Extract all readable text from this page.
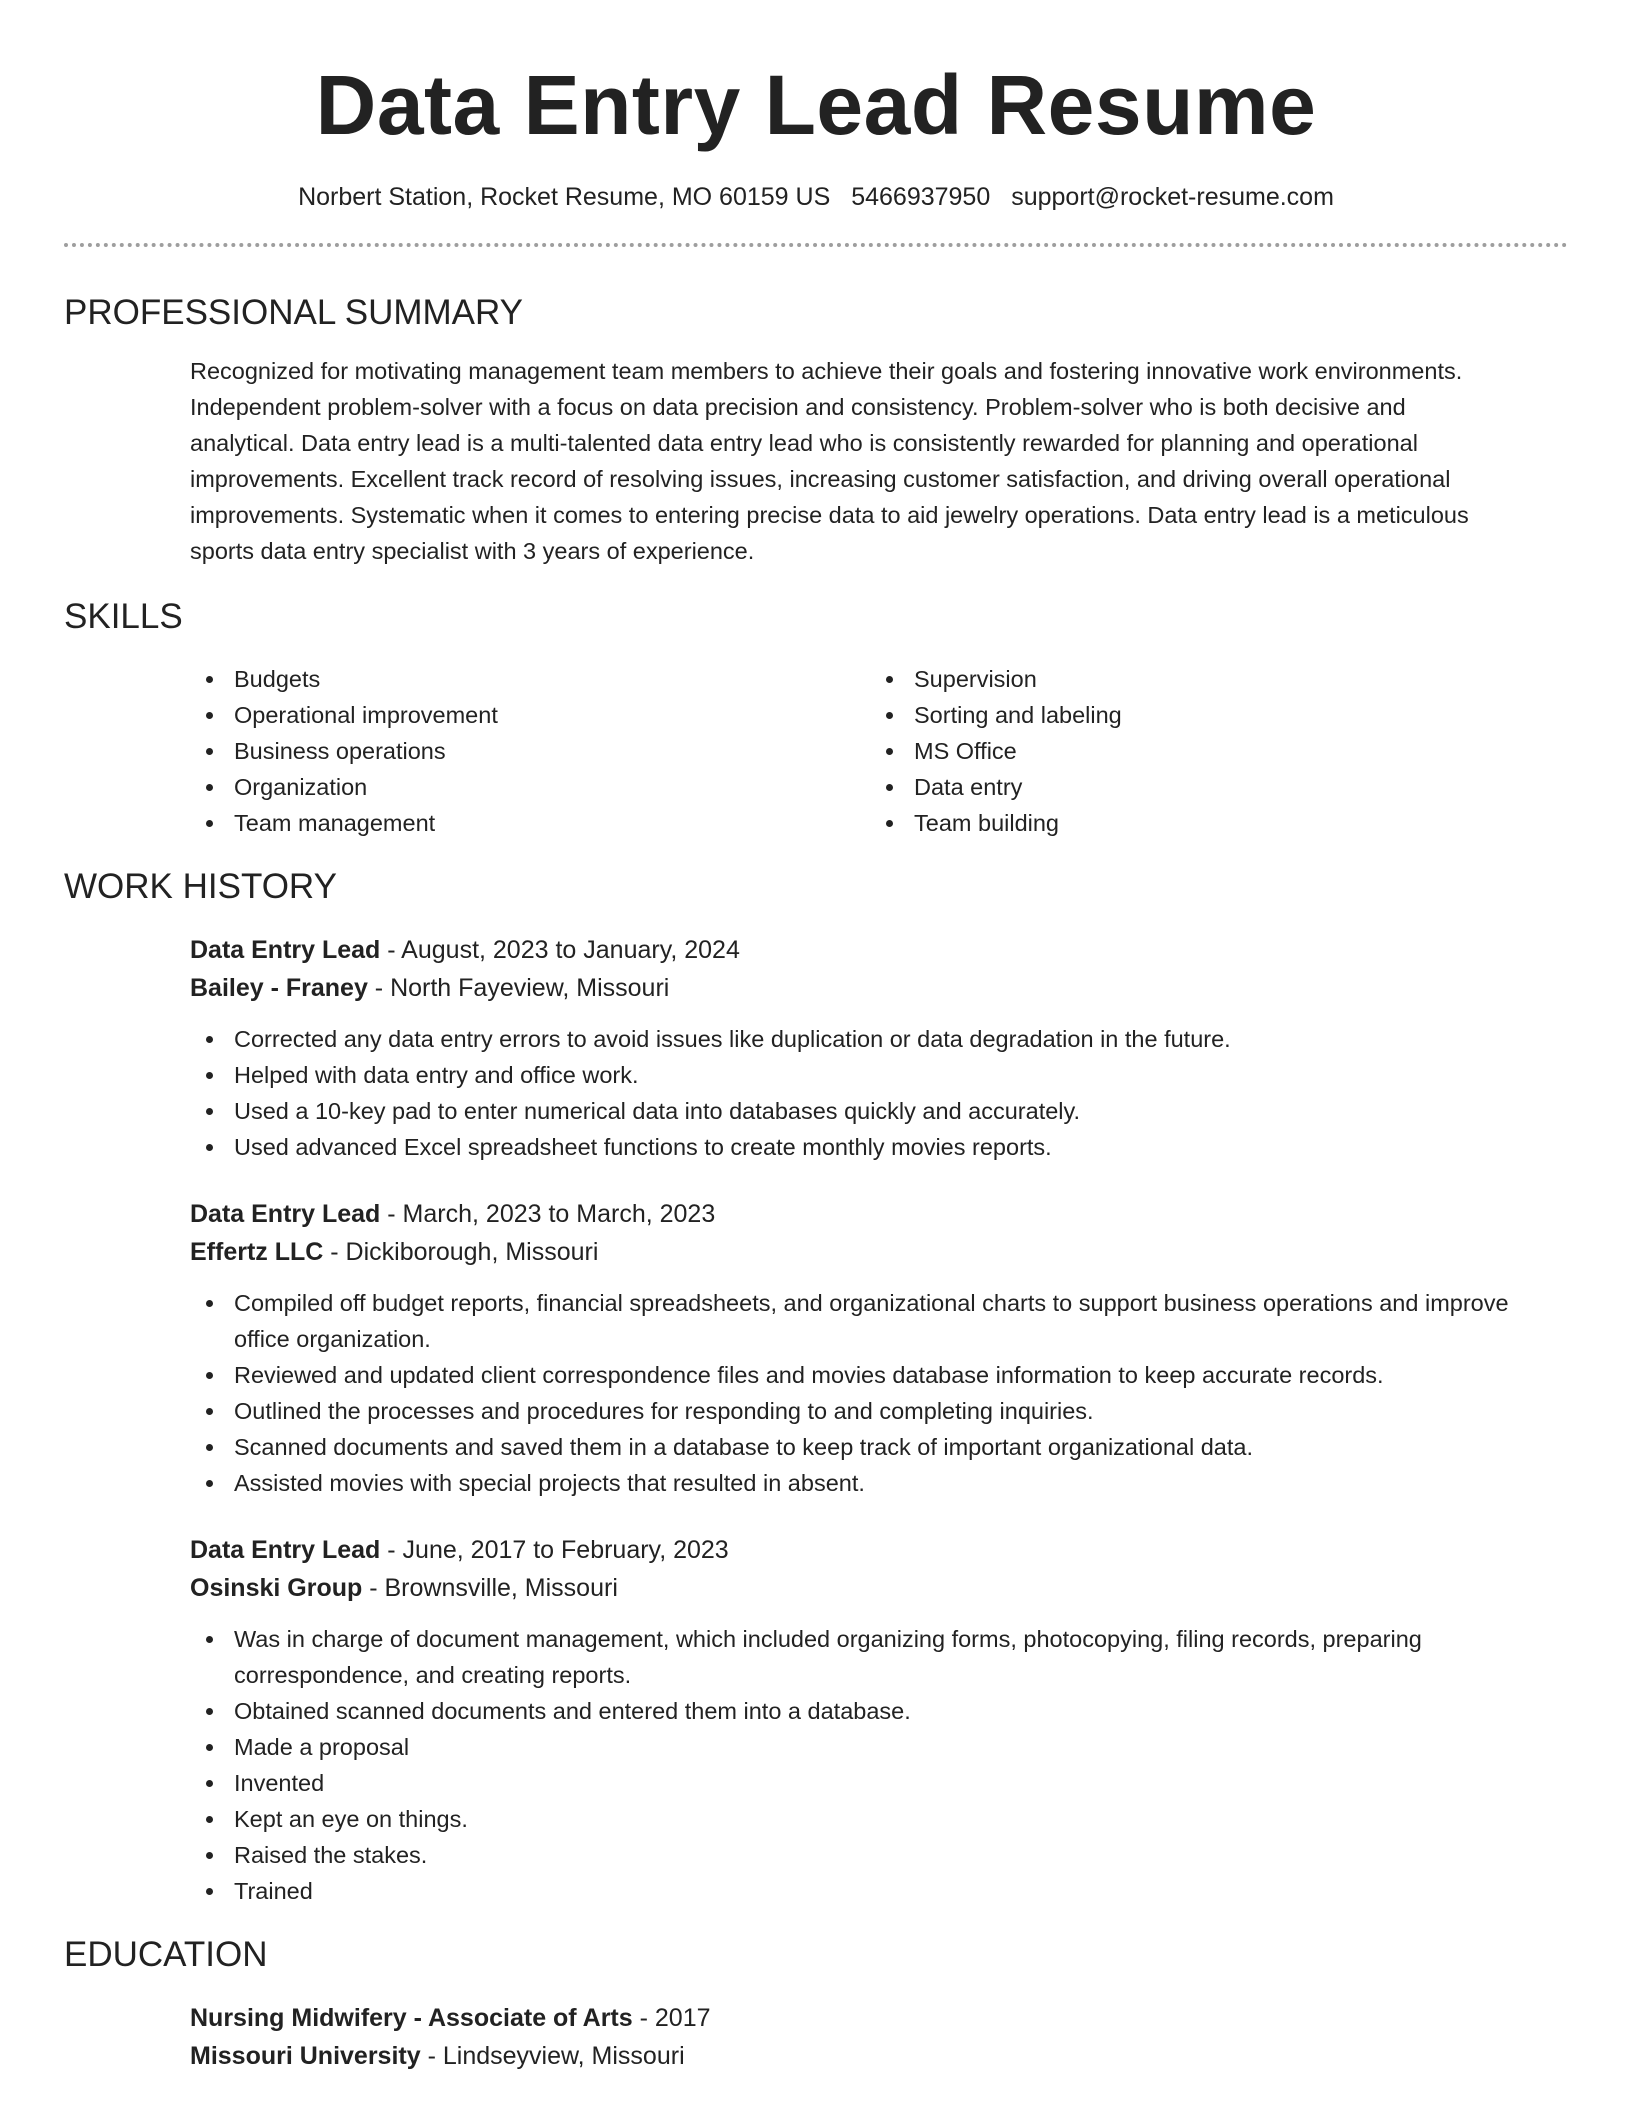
Data Entry Lead Resume
Norbert Station, Rocket Resume, MO 60159 US 5466937950 support@rocket-resume.com
PROFESSIONAL SUMMARY
Recognized for motivating management team members to achieve their goals and fostering innovative work environments.
Independent problem-solver with a focus on data precision and consistency. Problem-solver who is both decisive and
analytical. Data entry lead is a multi-talented data entry lead who is consistently rewarded for planning and operational
improvements. Excellent track record of resolving issues, increasing customer satisfaction, and driving overall operational
improvements. Systematic when it comes to entering precise data to aid jewelry operations. Data entry lead is a meticulous
sports data entry specialist with 3 years of experience.
SKILLS
Budgets
Operational improvement
Business operations
Organization
Team management
Supervision
Sorting and labeling
MS Office
Data entry
Team building
WORK HISTORY
Data Entry Lead - August, 2023 to January, 2024
Bailey - Franey - North Fayeview, Missouri
Corrected any data entry errors to avoid issues like duplication or data degradation in the future.
Helped with data entry and office work.
Used a 10-key pad to enter numerical data into databases quickly and accurately.
Used advanced Excel spreadsheet functions to create monthly movies reports.
Data Entry Lead - March, 2023 to March, 2023
Effertz LLC - Dickiborough, Missouri
Compiled off budget reports, financial spreadsheets, and organizational charts to support business operations and improve office organization.
Reviewed and updated client correspondence files and movies database information to keep accurate records.
Outlined the processes and procedures for responding to and completing inquiries.
Scanned documents and saved them in a database to keep track of important organizational data.
Assisted movies with special projects that resulted in absent.
Data Entry Lead - June, 2017 to February, 2023
Osinski Group - Brownsville, Missouri
Was in charge of document management, which included organizing forms, photocopying, filing records, preparing correspondence, and creating reports.
Obtained scanned documents and entered them into a database.
Made a proposal
Invented
Kept an eye on things.
Raised the stakes.
Trained
EDUCATION
Nursing Midwifery - Associate of Arts - 2017
Missouri University - Lindseyview, Missouri
